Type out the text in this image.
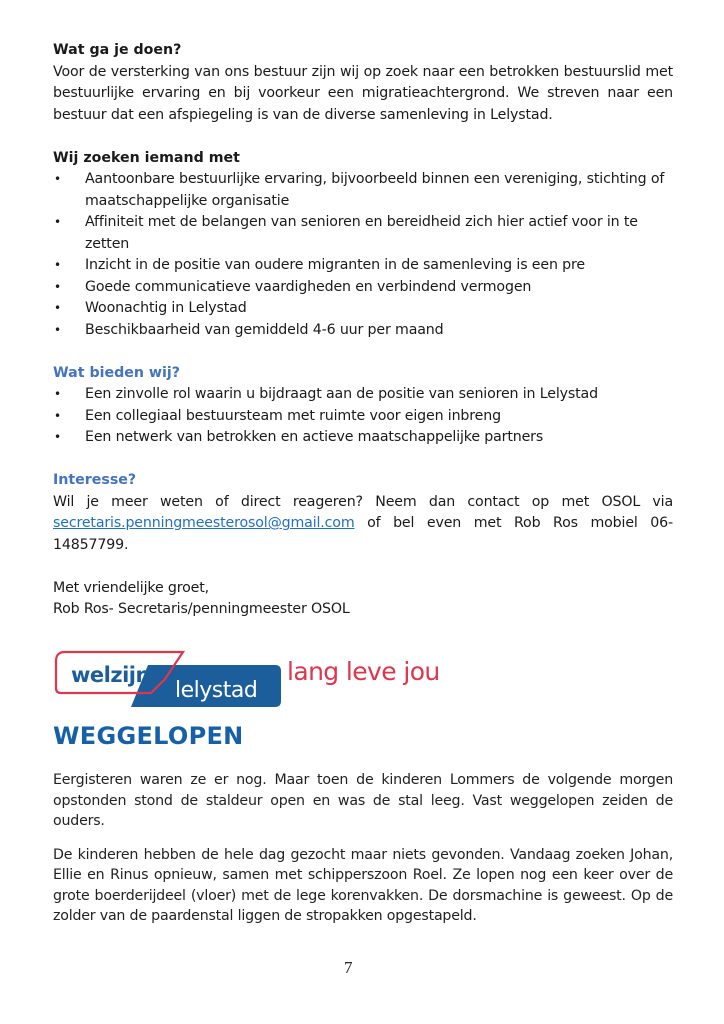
Wat ga je doen?

Voor de versterking van ons bestuur zijn wij op zoek naar een betrokken bestuurslid met bestuurlijke ervaring en bij voorkeur een migratieachtergrond. We streven naar een bestuur dat een afspiegeling is van de diverse samenleving in Lelystad.

Wij zoeken iemand met
• Aantoonbare bestuurlijke ervaring, bijvoorbeeld binnen een vereniging, stichting of maatschappelijke organisatie
• Affiniteit met de belangen van senioren en bereidheid zich hier actief voor in te zetten
• Inzicht in de positie van oudere migranten in de samenleving is een pre
• Goede communicatieve vaardigheden en verbindend vermogen
• Woonachtig in Lelystad
• Beschikbaarheid van gemiddeld 4-6 uur per maand
Wat bieden wij?
• Een zinvolle rol waarin u bijdraagt aan de positie van senioren in Lelystad
• Een collegiaal bestuursteam met ruimte voor eigen inbreng
• Een netwerk van betrokken en actieve maatschappelijke partners
Interesse?

Wil je meer weten of direct reageren? Neem dan contact op met OSOL via secretaris.penningmeesterosol@gmail.com of bel even met Rob Ros mobiel 06-14857799.

Met vriendelijke groet,

Rob Ros- Secretaris/penningmeester OSOL

welzijn
lelystad
lang leve jou
WEGGELOPEN

Eergisteren waren ze er nog. Maar toen de kinderen Lommers de volgende morgen opstonden stond de staldeur open en was de stal leeg. Vast weggelopen zeiden de ouders.

De kinderen hebben de hele dag gezocht maar niets gevonden. Vandaag zoeken Johan, Ellie en Rinus opnieuw, samen met schipperszoon Roel. Ze lopen nog een keer over de grote boerderijdeel (vloer) met de lege korenvakken. De dorsmachine is geweest. Op de zolder van de paardenstal liggen de stropakken opgestapeld.

7
